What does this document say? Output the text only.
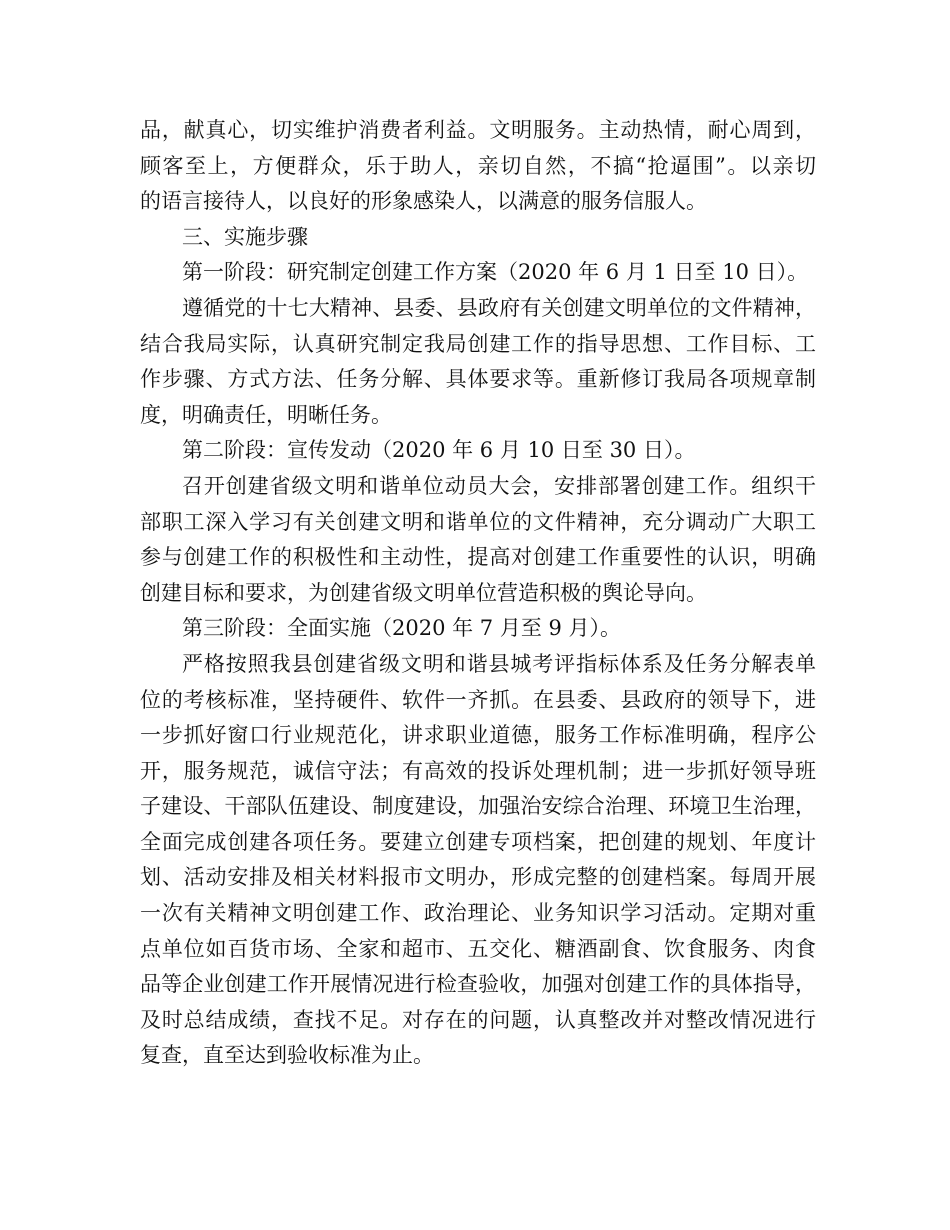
品，献真心，切实维护消费者利益。文明服务。主动热情，耐心周到，
顾客至上，方便群众，乐于助人，亲切自然，不搞“抢逼围”。以亲切
的语言接待人，以良好的形象感染人，以满意的服务信服人。
三、实施步骤
第一阶段：研究制定创建工作方案（2020 年 6 月 1 日至 10 日）。
遵循党的十七大精神、县委、县政府有关创建文明单位的文件精神，
结合我局实际，认真研究制定我局创建工作的指导思想、工作目标、工
作步骤、方式方法、任务分解、具体要求等。重新修订我局各项规章制
度，明确责任，明晰任务。
第二阶段：宣传发动（2020 年 6 月 10 日至 30 日）。
召开创建省级文明和谐单位动员大会，安排部署创建工作。组织干
部职工深入学习有关创建文明和谐单位的文件精神，充分调动广大职工
参与创建工作的积极性和主动性，提高对创建工作重要性的认识，明确
创建目标和要求，为创建省级文明单位营造积极的舆论导向。
第三阶段：全面实施（2020 年 7 月至 9 月）。
严格按照我县创建省级文明和谐县城考评指标体系及任务分解表单
位的考核标准，坚持硬件、软件一齐抓。在县委、县政府的领导下，进
一步抓好窗口行业规范化，讲求职业道德，服务工作标准明确，程序公
开，服务规范，诚信守法；有高效的投诉处理机制；进一步抓好领导班
子建设、干部队伍建设、制度建设，加强治安综合治理、环境卫生治理，
全面完成创建各项任务。要建立创建专项档案，把创建的规划、年度计
划、活动安排及相关材料报市文明办，形成完整的创建档案。每周开展
一次有关精神文明创建工作、政治理论、业务知识学习活动。定期对重
点单位如百货市场、全家和超市、五交化、糖酒副食、饮食服务、肉食
品等企业创建工作开展情况进行检查验收，加强对创建工作的具体指导，
及时总结成绩，查找不足。对存在的问题，认真整改并对整改情况进行
复查，直至达到验收标准为止。
